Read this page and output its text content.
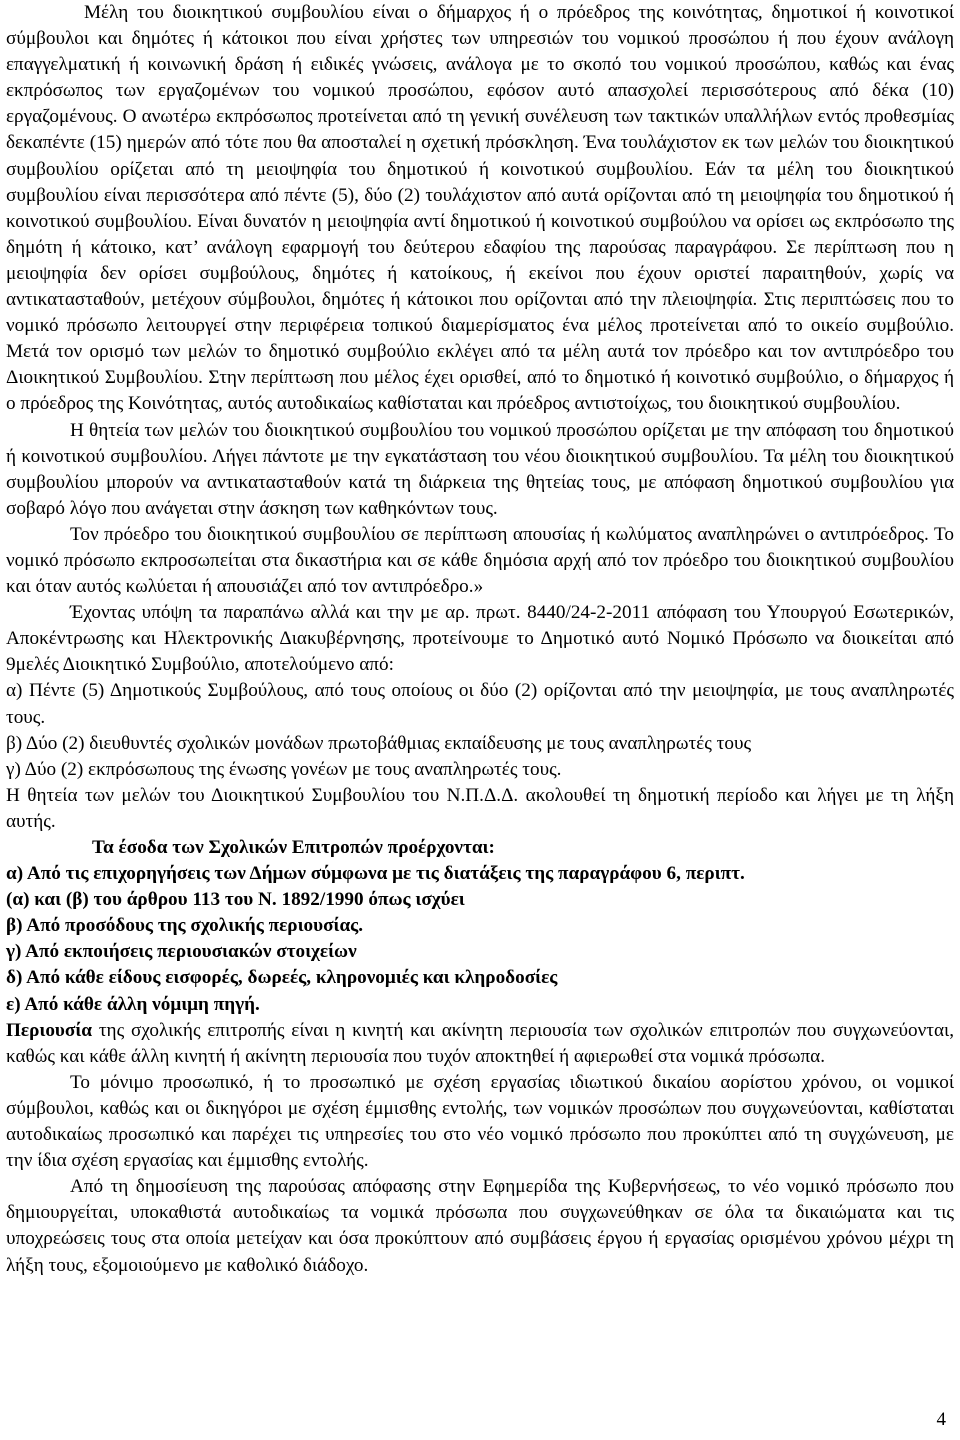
Μέλη του διοικητικού συμβουλίου είναι ο δήμαρχος ή ο πρόεδρος της κοινότητας, δημοτικοί ή κοινοτικοί σύμβουλοι και δημότες ή κάτοικοι που είναι χρήστες των υπηρεσιών του νομικού προσώπου ή που έχουν ανάλογη επαγγελματική ή κοινωνική δράση ή ειδικές γνώσεις, ανάλογα με το σκοπό του νομικού προσώπου, καθώς και ένας εκπρόσωπος των εργαζομένων του νομικού προσώπου, εφόσον αυτό απασχολεί περισσότερους από δέκα (10) εργαζομένους. Ο ανωτέρω εκπρόσωπος προτείνεται από τη γενική συνέλευση των τακτικών υπαλλήλων εντός προθεσμίας δεκαπέντε (15) ημερών από τότε που θα αποσταλεί η σχετική πρόσκληση. Ένα τουλάχιστον εκ των μελών του διοικητικού συμβουλίου ορίζεται από τη μειοψηφία του δημοτικού ή κοινοτικού συμβουλίου. Εάν τα μέλη του διοικητικού συμβουλίου είναι περισσότερα από πέντε (5), δύο (2) τουλάχιστον από αυτά ορίζονται από τη μειοψηφία του δημοτικού ή κοινοτικού συμβουλίου. Είναι δυνατόν η μειοψηφία αντί δημοτικού ή κοινοτικού συμβούλου να ορίσει ως εκπρόσωπο της δημότη ή κάτοικο, κατ’ ανάλογη εφαρμογή του δεύτερου εδαφίου της παρούσας παραγράφου. Σε περίπτωση που η μειοψηφία δεν ορίσει συμβούλους, δημότες ή κατοίκους, ή εκείνοι που έχουν οριστεί παραιτηθούν, χωρίς να αντικατασταθούν, μετέχουν σύμβουλοι, δημότες ή κάτοικοι που ορίζονται από την πλειοψηφία. Στις περιπτώσεις που το νομικό πρόσωπο λειτουργεί στην περιφέρεια τοπικού διαμερίσματος ένα μέλος προτείνεται από το οικείο συμβούλιο. Μετά τον ορισμό των μελών το δημοτικό συμβούλιο εκλέγει από τα μέλη αυτά τον πρόεδρο και τον αντιπρόεδρο του Διοικητικού Συμβουλίου. Στην περίπτωση που μέλος έχει ορισθεί, από το δημοτικό ή κοινοτικό συμβούλιο, ο δήμαρχος ή ο πρόεδρος της Κοινότητας, αυτός αυτοδικαίως καθίσταται και πρόεδρος αντιστοίχως, του διοικητικού συμβουλίου.

Η θητεία των μελών του διοικητικού συμβουλίου του νομικού προσώπου ορίζεται με την απόφαση του δημοτικού ή κοινοτικού συμβουλίου. Λήγει πάντοτε με την εγκατάσταση του νέου διοικητικού συμβουλίου. Τα μέλη του διοικητικού συμβουλίου μπορούν να αντικατασταθούν κατά τη διάρκεια της θητείας τους, με απόφαση δημοτικού συμβουλίου για σοβαρό λόγο που ανάγεται στην άσκηση των καθηκόντων τους.

Τον πρόεδρο του διοικητικού συμβουλίου σε περίπτωση απουσίας ή κωλύματος αναπληρώνει ο αντιπρόεδρος. Το νομικό πρόσωπο εκπροσωπείται στα δικαστήρια και σε κάθε δημόσια αρχή από τον πρόεδρο του διοικητικού συμβουλίου και όταν αυτός κωλύεται ή απουσιάζει από τον αντιπρόεδρο.»

Έχοντας υπόψη τα παραπάνω αλλά και την με αρ. πρωτ. 8440/24-2-2011 απόφαση του Υπουργού Εσωτερικών, Αποκέντρωσης και Ηλεκτρονικής Διακυβέρνησης, προτείνουμε το Δημοτικό αυτό Νομικό Πρόσωπο να διοικείται από 9μελές Διοικητικό Συμβούλιο, αποτελούμενο από:

α) Πέντε (5) Δημοτικούς Συμβούλους, από τους οποίους οι δύο (2) ορίζονται από την μειοψηφία, με τους αναπληρωτές τους.

β) Δύο (2) διευθυντές σχολικών μονάδων πρωτοβάθμιας εκπαίδευσης με τους αναπληρωτές τους

γ) Δύο (2) εκπρόσωπους της ένωσης γονέων με τους αναπληρωτές τους.

Η θητεία των μελών του Διοικητικού Συμβουλίου του Ν.Π.Δ.Δ. ακολουθεί τη δημοτική περίοδο και λήγει με τη λήξη αυτής.

Τα έσοδα των Σχολικών Επιτροπών προέρχονται:

α) Από τις επιχορηγήσεις των Δήμων σύμφωνα με τις διατάξεις της παραγράφου 6, περιπτ.

(α) και (β) του άρθρου 113 του Ν. 1892/1990 όπως ισχύει

β) Από προσόδους της σχολικής περιουσίας.

γ) Από εκποιήσεις περιουσιακών στοιχείων

δ) Από κάθε είδους εισφορές, δωρεές, κληρονομιές και κληροδοσίες

ε) Από κάθε άλλη νόμιμη πηγή.

Περιουσία της σχολικής επιτροπής είναι η κινητή και ακίνητη περιουσία των σχολικών επιτροπών που συγχωνεύονται, καθώς και κάθε άλλη κινητή ή ακίνητη περιουσία που τυχόν αποκτηθεί ή αφιερωθεί στα νομικά πρόσωπα.

Το μόνιμο προσωπικό, ή το προσωπικό με σχέση εργασίας ιδιωτικού δικαίου αορίστου χρόνου, οι νομικοί σύμβουλοι, καθώς και οι δικηγόροι με σχέση έμμισθης εντολής, των νομικών προσώπων που συγχωνεύονται, καθίσταται αυτοδικαίως προσωπικό και παρέχει τις υπηρεσίες του στο νέο νομικό πρόσωπο που προκύπτει από τη συγχώνευση, με την ίδια σχέση εργασίας και έμμισθης εντολής.

Από τη δημοσίευση της παρούσας απόφασης στην Εφημερίδα της Κυβερνήσεως, το νέο νομικό πρόσωπο που δημιουργείται, υποκαθιστά αυτοδικαίως τα νομικά πρόσωπα που συγχωνεύθηκαν σε όλα τα δικαιώματα και τις υποχρεώσεις τους στα οποία μετείχαν και όσα προκύπτουν από συμβάσεις έργου ή εργασίας ορισμένου χρόνου μέχρι τη λήξη τους, εξομοιούμενο με καθολικό διάδοχο.

4
